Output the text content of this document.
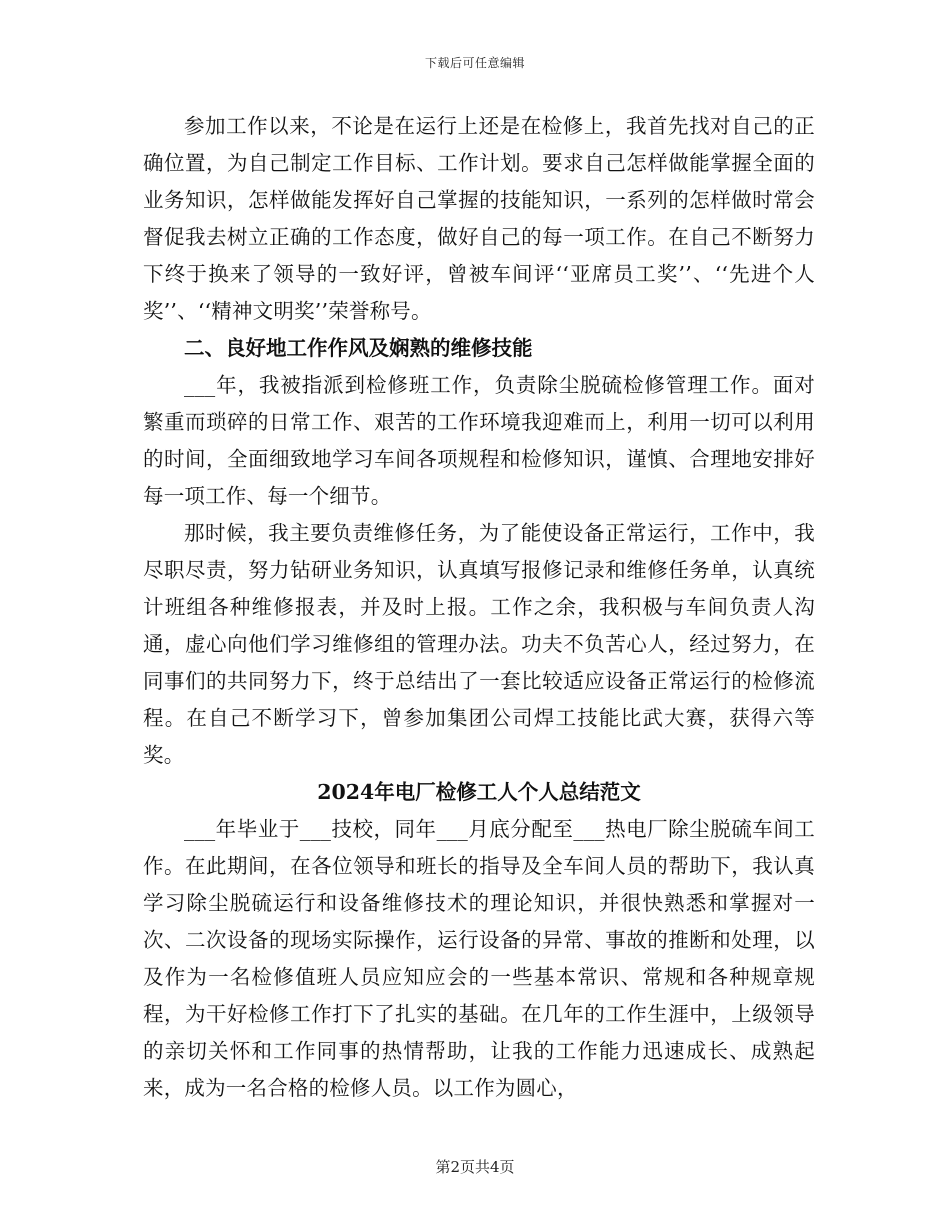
下载后可任意编辑

参加工作以来，不论是在运行上还是在检修上，我首先找对自己的正确位置，为自己制定工作目标、工作计划。要求自己怎样做能掌握全面的业务知识，怎样做能发挥好自己掌握的技能知识，一系列的怎样做时常会督促我去树立正确的工作态度，做好自己的每一项工作。在自己不断努力下终于换来了领导的一致好评，曾被车间评‘‘亚席员工奖’’、‘‘先进个人奖’’、‘‘精神文明奖’’荣誉称号。

二、良好地工作作风及娴熟的维修技能

___年，我被指派到检修班工作，负责除尘脱硫检修管理工作。面对繁重而琐碎的日常工作、艰苦的工作环境我迎难而上，利用一切可以利用的时间，全面细致地学习车间各项规程和检修知识，谨慎、合理地安排好每一项工作、每一个细节。

那时候，我主要负责维修任务，为了能使设备正常运行，工作中，我尽职尽责，努力钻研业务知识，认真填写报修记录和维修任务单，认真统计班组各种维修报表，并及时上报。工作之余，我积极与车间负责人沟通，虚心向他们学习维修组的管理办法。功夫不负苦心人，经过努力，在同事们的共同努力下，终于总结出了一套比较适应设备正常运行的检修流程。在自己不断学习下，曾参加集团公司焊工技能比武大赛，获得六等奖。

2024年电厂检修工人个人总结范文

___年毕业于___技校，同年___月底分配至___热电厂除尘脱硫车间工作。在此期间，在各位领导和班长的指导及全车间人员的帮助下，我认真学习除尘脱硫运行和设备维修技术的理论知识，并很快熟悉和掌握对一次、二次设备的现场实际操作，运行设备的异常、事故的推断和处理，以及作为一名检修值班人员应知应会的一些基本常识、常规和各种规章规程，为干好检修工作打下了扎实的基础。在几年的工作生涯中，上级领导的亲切关怀和工作同事的热情帮助，让我的工作能力迅速成长、成熟起来，成为一名合格的检修人员。以工作为圆心，

第2页共4页
